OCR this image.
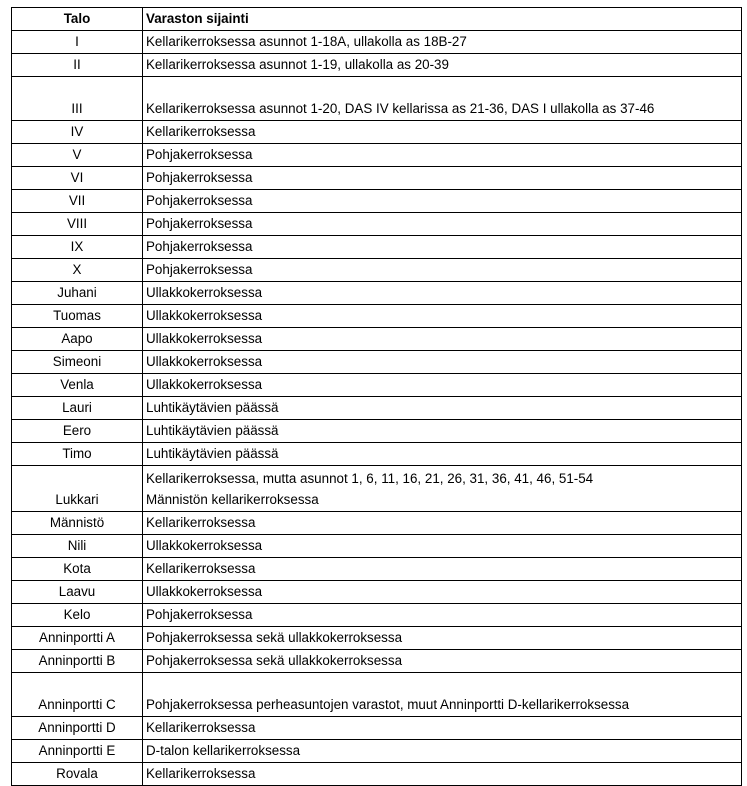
Talo	Varaston sijainti
I	Kellarikerroksessa asunnot 1-18A, ullakolla as 18B-27
II	Kellarikerroksessa asunnot 1-19, ullakolla as 20-39
III	Kellarikerroksessa asunnot 1-20, DAS IV kellarissa as 21-36, DAS I ullakolla as 37-46
IV	Kellarikerroksessa
V	Pohjakerroksessa
VI	Pohjakerroksessa
VII	Pohjakerroksessa
VIII	Pohjakerroksessa
IX	Pohjakerroksessa
X	Pohjakerroksessa
Juhani	Ullakkokerroksessa
Tuomas	Ullakkokerroksessa
Aapo	Ullakkokerroksessa
Simeoni	Ullakkokerroksessa
Venla	Ullakkokerroksessa
Lauri	Luhtikäytävien päässä
Eero	Luhtikäytävien päässä
Timo	Luhtikäytävien päässä
Lukkari	Kellarikerroksessa, mutta asunnot 1, 6, 11, 16, 21, 26, 31, 36, 41, 46, 51-54
Männistön kellarikerroksessa

Männistö	Kellarikerroksessa
Nili	Ullakkokerroksessa
Kota	Kellarikerroksessa
Laavu	Ullakkokerroksessa
Kelo	Pohjakerroksessa
Anninportti A	Pohjakerroksessa sekä ullakkokerroksessa
Anninportti B	Pohjakerroksessa sekä ullakkokerroksessa
Anninportti C	Pohjakerroksessa perheasuntojen varastot, muut Anninportti D-kellarikerroksessa
Anninportti D	Kellarikerroksessa
Anninportti E	D-talon kellarikerroksessa
Rovala	Kellarikerroksessa
